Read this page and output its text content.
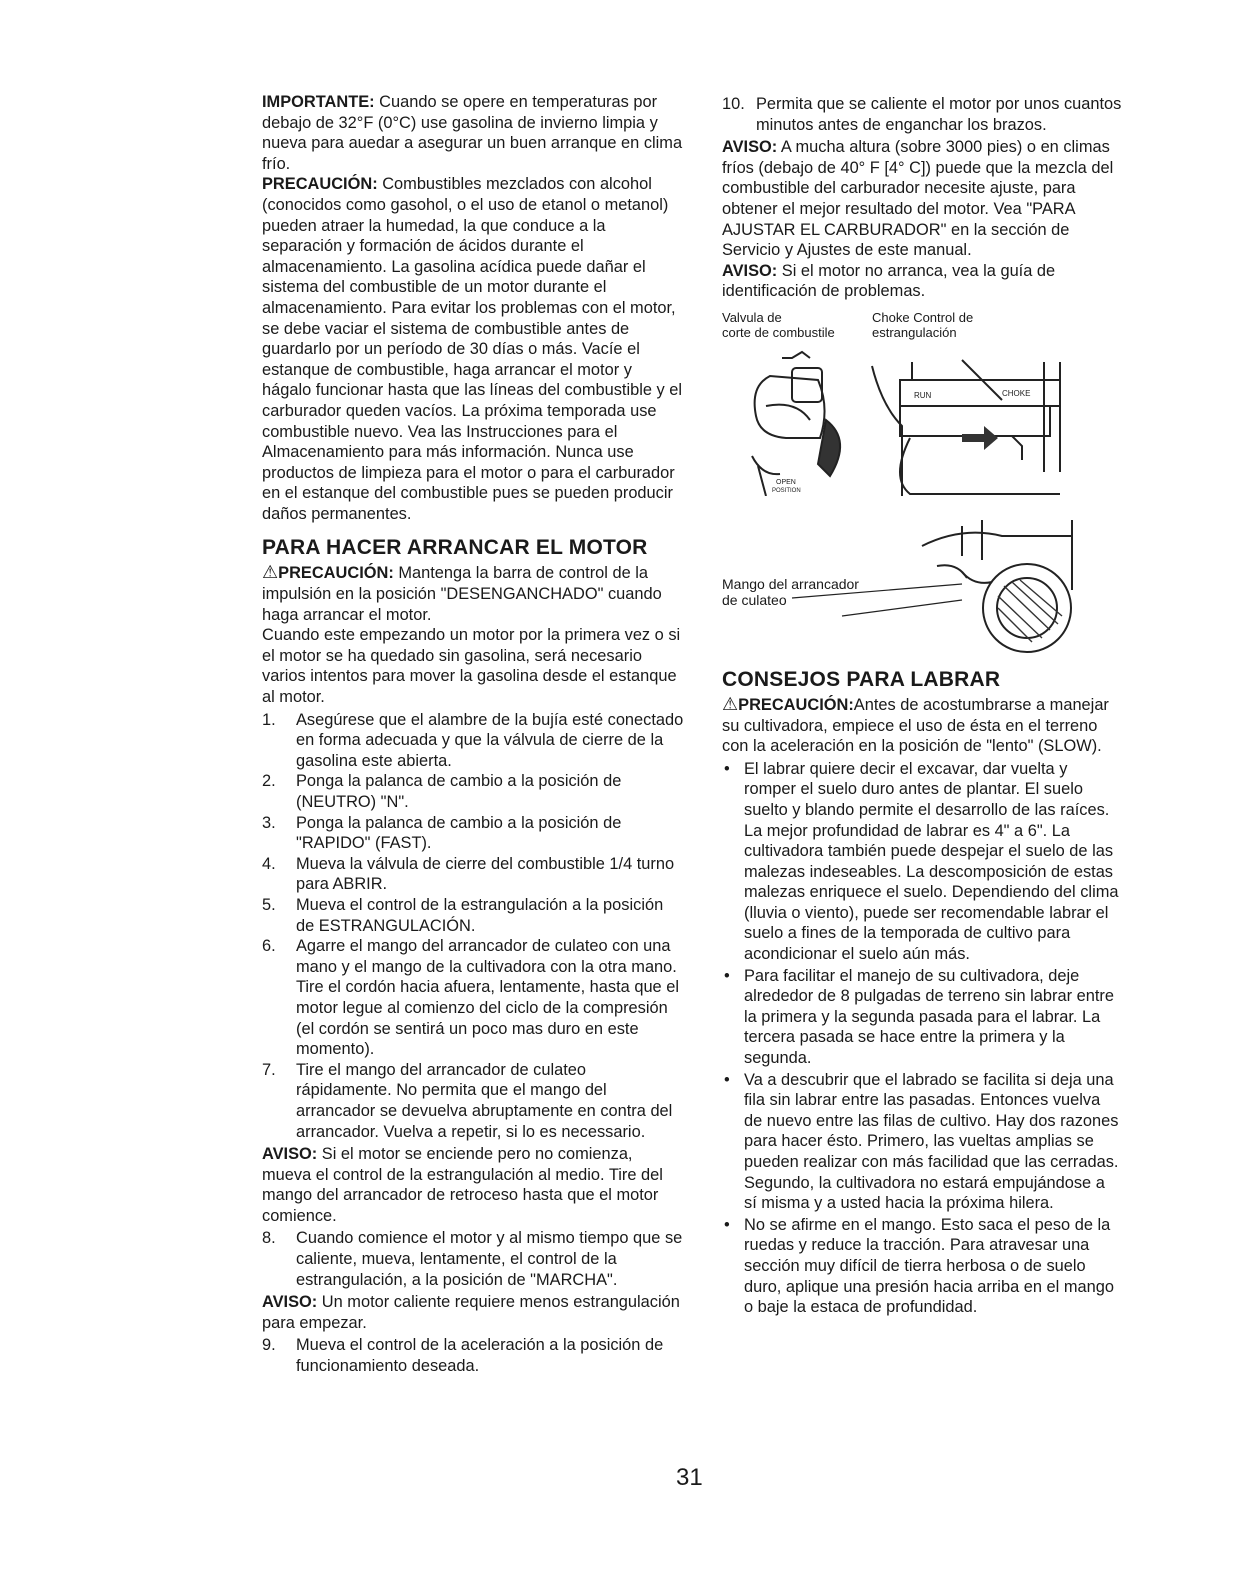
IMPORTANTE: Cuando se opere en temperaturas por debajo de 32°F (0°C) use gasolina de invierno limpia y nueva para auedar a asegurar un buen arranque en clima frío.

PRECAUCIÓN: Combustibles mezclados con alcohol (conocidos como gasohol, o el uso de etanol o metanol) pueden atraer la humedad, la que conduce a la separación y formación de ácidos durante el almacenamiento. La gasolina acídica puede dañar el sistema del combustible de un motor durante el almacenamiento. Para evitar los problemas con el motor, se debe vaciar el sistema de combustible antes de guardarlo por un período de 30 días o más. Vacíe el estanque de combustible, haga arrancar el motor y hágalo funcionar hasta que las líneas del combustible y el carburador queden vacíos. La próxima temporada use combustible nuevo. Vea las Instrucciones para el Almacenamiento para más información. Nunca use productos de limpieza para el motor o para el carburador en el estanque del combustible pues se pueden producir daños permanentes.

PARA HACER ARRANCAR EL MOTOR

⚠PRECAUCIÓN: Mantenga la barra de control de la impulsión en la posición "DESENGANCHADO" cuando haga arrancar el motor.

Cuando este empezando un motor por la primera vez o si el motor se ha quedado sin gasolina, será necesario varios intentos para mover la gasolina desde el estanque al motor.

1. Asegúrese que el alambre de la bujía esté conectado en forma adecuada y que la válvula de cierre de la gasolina este abierta.
2. Ponga la palanca de cambio a la posición de (NEUTRO) "N".
3. Ponga la palanca de cambio a la posición de "RAPIDO" (FAST).
4. Mueva la válvula de cierre del combustible 1/4 turno para ABRIR.
5. Mueva el control de la estrangulación a la posición de ESTRANGULACIÓN.
6. Agarre el mango del arrancador de culateo con una mano y el mango de la cultivadora con la otra mano. Tire el cordón hacia afuera, lentamente, hasta que el motor legue al comienzo del ciclo de la compresión (el cordón se sentirá un poco mas duro en este momento).
7. Tire el mango del arrancador de culateo rápidamente. No permita que el mango del arrancador se devuelva abruptamente en contra del arrancador. Vuelva a repetir, si lo es necessario.

AVISO: Si el motor se enciende pero no comienza, mueva el control de la estrangulación al medio. Tire del mango del arrancador de retroceso hasta que el motor comience.

8. Cuando comience el motor y al mismo tiempo que se caliente, mueva, lentamente, el control de la estrangulación, a la posición de "MARCHA".

AVISO: Un motor caliente requiere menos estrangulación para empezar.

9. Mueva el control de la aceleración a la posición de funcionamiento deseada.
10. Permita que se caliente el motor por unos cuantos minutos antes de enganchar los brazos.

AVISO: A mucha altura (sobre 3000 pies) o en climas fríos (debajo de 40° F [4° C]) puede que la mezcla del combustible del carburador necesite ajuste, para obtener el mejor resultado del motor. Vea "PARA AJUSTAR EL CARBURADOR" en la sección de Servicio y Ajustes de este manual.

AVISO: Si el motor no arranca, vea la guía de identificación de problemas.

Valvula de
corte de combustile
Choke Control de
estrangulación
OPEN
POSITION
RUN	CHOKE
Mango del arrancador
de culateo
CONSEJOS PARA LABRAR

⚠PRECAUCIÓN:Antes de acostumbrarse a manejar su cultivadora, empiece el uso de ésta en el terreno con la aceleración en la posición de "lento" (SLOW).

• El labrar quiere decir el excavar, dar vuelta y romper el suelo duro antes de plantar. El suelo suelto y blando permite el desarrollo de las raíces. La mejor profundidad de labrar es 4" a 6". La cultivadora también puede despejar el suelo de las malezas indeseables. La descomposición de estas malezas enriquece el suelo. Dependiendo del clima (lluvia o viento), puede ser recomendable labrar el suelo a fines de la temporada de cultivo para acondicionar el suelo aún más.
• Para facilitar el manejo de su cultivadora, deje alrededor de 8 pulgadas de terreno sin labrar entre la primera y la segunda pasada para el labrar. La tercera pasada se hace entre la primera y la segunda.
• Va a descubrir que el labrado se facilita si deja una fila sin labrar entre las pasadas. Entonces vuelva de nuevo entre las filas de cultivo. Hay dos razones para hacer ésto. Primero, las vueltas amplias se pueden realizar con más facilidad que las cerradas. Segundo, la cultivadora no estará empujándose a sí misma y a usted hacia la próxima hilera.
• No se afirme en el mango. Esto saca el peso de la ruedas y reduce la tracción. Para atravesar una sección muy difícil de tierra herbosa o de suelo duro, aplique una presión hacia arriba en el mango o baje la estaca de profundidad.
31
